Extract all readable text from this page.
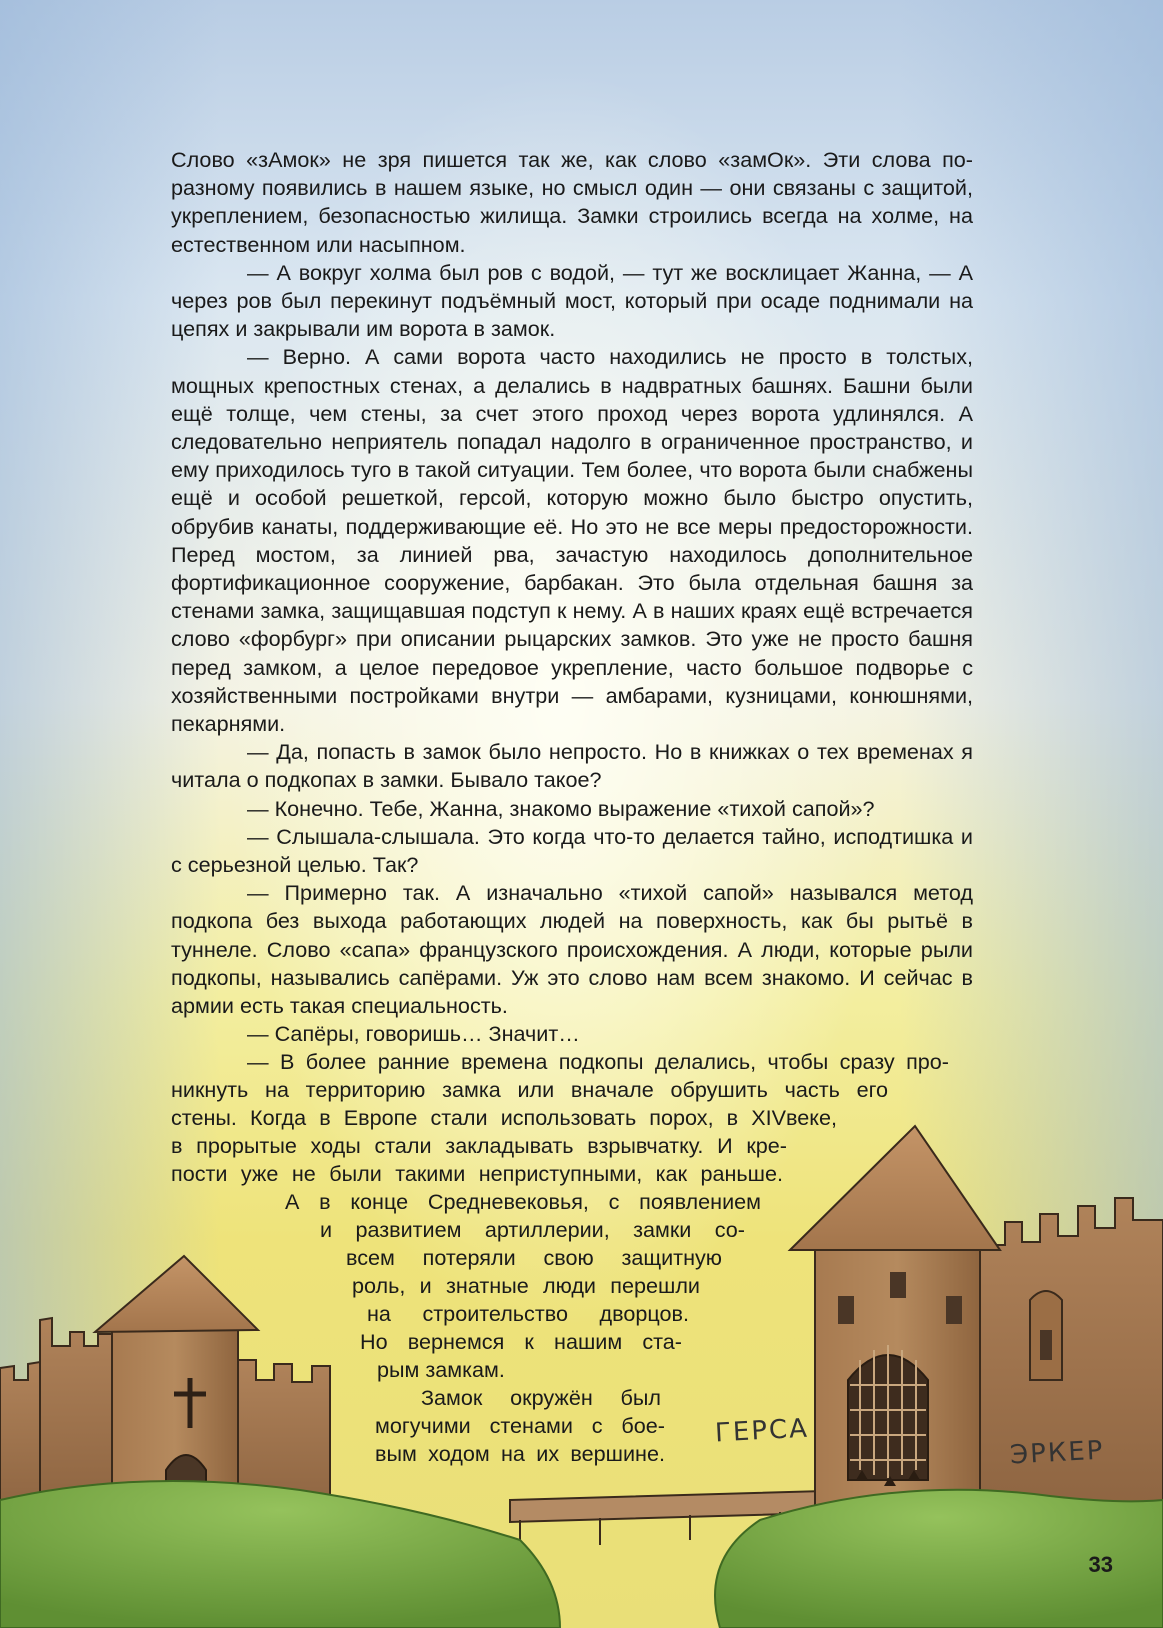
Слово «зАмок» не зря пишется так же, как слово «замОк». Эти слова по-разному появились в нашем языке, но смысл один — они связаны с защитой, укреплением, безопасностью жилища. Замки строились всегда на холме, на естественном или насыпном.

— А вокруг холма был ров с водой, — тут же восклицает Жанна, — А через ров был перекинут подъёмный мост, который при осаде поднимали на цепях и закрывали им ворота в замок.

— Верно. А сами ворота часто находились не просто в толстых, мощных крепостных стенах, а делались в надвратных башнях. Башни были ещё толще, чем стены, за счет этого проход через ворота удлинялся. А следовательно неприятель попадал надолго в ограниченное пространство, и ему приходилось туго в такой ситуации. Тем более, что ворота были снабжены ещё и особой решеткой, герсой, которую можно было быстро опустить, обрубив канаты, поддерживающие её. Но это не все меры предосторожности. Перед мостом, за линией рва, зачастую находилось дополнительное фортификационное сооружение, барбакан. Это была отдельная башня за стенами замка, защищавшая подступ к нему. А в наших краях ещё встречается слово «форбург» при описании рыцарских замков. Это уже не просто башня перед замком, а целое передовое укрепление, часто большое подворье с хозяйственными постройками внутри — амбарами, кузницами, конюшнями, пекарнями.

— Да, попасть в замок было непросто. Но в книжках о тех временах я читала о подкопах в замки. Бывало такое?

— Конечно. Тебе, Жанна, знакомо выражение «тихой сапой»?

— Слышала-слышала. Это когда что-то делается тайно, исподтишка и с серьезной целью. Так?

— Примерно так. А изначально «тихой сапой» назывался метод подкопа без выхода работающих людей на поверхность, как бы рытьё в туннеле. Слово «сапа» французского происхождения. А люди, которые рыли подкопы, назывались сапёрами. Уж это слово нам всем знакомо. И сейчас в армии есть такая специальность.

— Сапёры, говоришь… Значит…

— В более ранние времена подкопы делались, чтобы сразу про-
никнуть на территорию замка или вначале обрушить часть его
стены. Когда в Европе стали использовать порох, в XIVвеке,
в прорытые ходы стали закладывать взрывчатку. И кре-
пости уже не были такими неприступными, как раньше.
А в конце Средневековья, с появлением
и развитием артиллерии, замки со-
всем потеряли свою защитную
роль, и знатные люди перешли
на строительство дворцов.
Но вернемся к нашим ста-
рым замкам.
Замок окружён был
могучими стенами с бое-
вым ходом на их вершине.
ГЕРСА
ЭРКЕР
33
